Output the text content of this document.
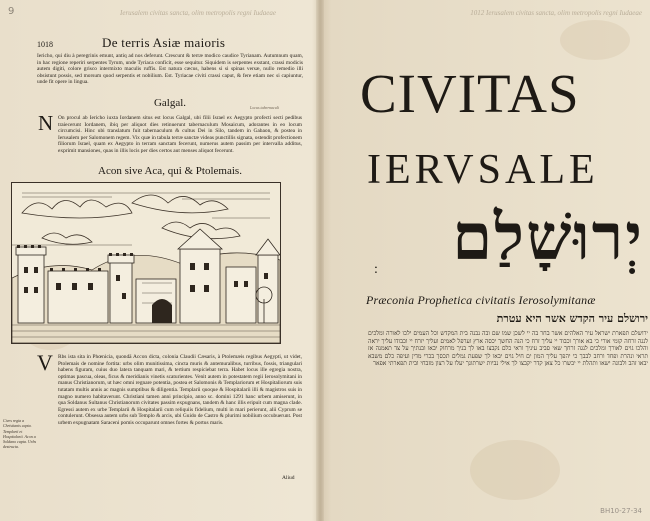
9	Ierusalem civitas sancta, olim metropolis regni Iudaeae
1018	De terris Asiæ maioris
Iericho, qui diu à peregrinis emunt, antiq ad nos deferunt. Crescunt & terræ modico caudice Tyrianam. Autumnum quam, in hac regione reperiri serpentes Tyrum, unde Tyriaca conficit, esse sequitur. Siquidem is serpentes exstant, crassi modicis autem digiti, colore grisco intermixto maculis ruffis. Est natura cæcus, habens si si spinas versæ, nullo remedio illi obsistunt possis, sed morsum quod serpentis et nobilium. Est. Tyriacae civiti crassi caput, & fere etiam nec si capiuntur, unde fit opere in lingua.
Galgal.
N On procul ab Iericho iuxta Iordanem situs est locus Galgal, ubi filii Israel ex Aegypto profecti secti pedibus traiecerunt Iordanem, ibiq per aliquot dies retinuerunt tabernaculum Mosaicum, adorantes in eo locum circumcisi. Hinc ubi translatum fuit tabernaculum & cultus Dei in Silo, tandem in Gabaon, & postea in Ierusalem per Salomonem regem. Vix quæ in tabula terræ sanctæ videas punctillis signata, ostendit profectionem filiorum Israel, quam ex Aegypto in terram sanctam fecerunt, numerus autem passim per intervalla additus, exprimit mansiones, quas in illis locis per dies certos aut menses aliquot fecerunt.
Locus tabernaculi
Acon sive Aca, qui & Ptolemais.
V Rbs ista sita in Phœnicia, quondā Accon dicta, colonia Claudii Cæsaris, à Ptolemæis regibus Aegypti, ut videt, Ptolemais de nomine fortita: urbs olim munitissima, cincta muris & antemuralibus, turribus, fossis, triangulari habens figuram, cuius duo latera tanquam mari, & tertium respiciebat terra. Habet locus ille egregia nostra, optimas pascua, oleas, ficus & meridianis vinetis scaturientes. Venit autem in potestatem regii Ierosolymitani in manus Christianorum, ut hæc omni regnare potentia, postea et Salomonis & Templariorum et Hospitaliorum suis tutatam multis annis ac magnis sumptibus & diligentia. Templarii quoque & Hospitalarii illi & magistros suis in magno numero habitaverunt. Christiani tamen anni principio, anno sc. domini 1291 hanc urbem amiserunt, in qua Soldanus Sultanus Christianorum civitates passim expugnans, tandem & hanc illis eripuit cum magna clade. Egressi autem ex urbe Templarii & Hospitalarii cum reliquiis fidelium, multi in mari perierunt, alii Cyprum se contulerunt. Obsessa autem urbs sub Templo & arcis, ubi Guido de Castro & plurimi nobilium occubuerunt. Post urbem expugnatam Saraceni pomis occuparunt omnes fortes & portus maris.
Cives regia a Christianis capta. Templarii et Hospitalarii. Acon a Soldano capta. Urbs destructa.
Aliud
1012 Ierusalem civitas sancta, olim metropolis regni Iudaeae
CIVITAS
IERVSALE
יְרוּשָׁלַם
:
Præconia Prophetica civitatis Ierosolymitanæ
ירושלם עיר הקדש אשר היא עטרת
ירושלם תפארת ישראל עיר האלהים אשר בחר בה יי לשכן שמו שם ובה נבנה בית המקדש וכל העמים ילכו לאורה ומלכים לנגה זרחה קומי אורי כי בא אורך וכבוד יי עליך זרח כי הנה החשך יכסה ארץ וערפל לאמים ועליך יזרח יי וכבודו עליך יראה והלכו גוים לאורך ומלכים לנגה זרחך שאי סביב עיניך וראי כלם נקבצו באו לך בניך מרחוק יבאו ובנתיך על צד תאמנה אז תראי ונהרת ופחד ורחב לבבך כי יהפך עליך המון ים חיל גוים יבאו לך שפעת גמלים תכסך בכרי מדין ועיפה כלם משבא יבאו זהב ולבונה ישאו ותהלת יי יבשרו כל צאן קדר יקבצו לך אילי נביות ישרתונך יעלו על רצון מזבחי ובית תפארתי אפאר
BH10-27-34
